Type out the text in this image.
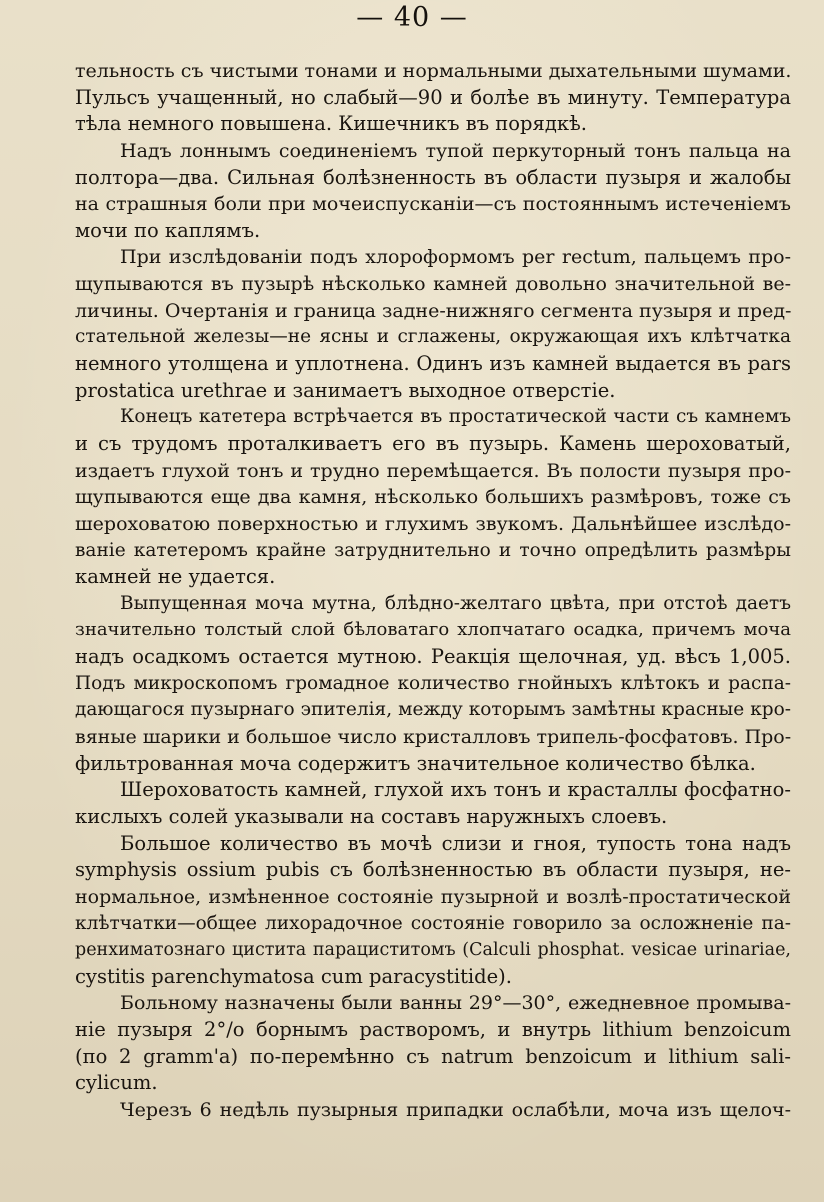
— 40 —
тельность съ чистыми тонами и нормальными дыхательными шумами.
Пульсъ учащенный, но слабый—90 и болѣе въ минуту. Температура
тѣла немного повышена. Кишечникъ въ порядкѣ.
Надъ лоннымъ соединеніемъ тупой перкуторный тонъ пальца на
полтора—два. Сильная болѣзненность въ области пузыря и жалобы
на страшныя боли при мочеиспусканіи—съ постояннымъ истеченіемъ
мочи по каплямъ.
При изслѣдованіи подъ хлороформомъ per rectum, пальцемъ про-
щупываются въ пузырѣ нѣсколько камней довольно значительной ве-
личины. Очертанія и граница задне-нижняго сегмента пузыря и пред-
стательной железы—не ясны и сглажены, окружающая ихъ клѣтчатка
немного утолщена и уплотнена. Одинъ изъ камней выдается въ pars
prostatica urethrae и занимаетъ выходное отверстіе.
Конецъ катетера встрѣчается въ простатической части съ камнемъ
и съ трудомъ проталкиваетъ его въ пузырь. Камень шероховатый,
издаетъ глухой тонъ и трудно перемѣщается. Въ полости пузыря про-
щупываются еще два камня, нѣсколько большихъ размѣровъ, тоже съ
шероховатою поверхностью и глухимъ звукомъ. Дальнѣйшее изслѣдо-
ваніе катетеромъ крайне затруднительно и точно опредѣлить размѣры
камней не удается.
Выпущенная моча мутна, блѣдно-желтаго цвѣта, при отстоѣ даетъ
значительно толстый слой бѣловатаго хлопчатаго осадка, причемъ моча
надъ осадкомъ остается мутною. Реакція щелочная, уд. вѣсъ 1,005.
Подъ микроскопомъ громадное количество гнойныхъ клѣтокъ и распа-
дающагося пузырнаго эпителія, между которымъ замѣтны красные кро-
вяные шарики и большое число кристалловъ трипель-фосфатовъ. Про-
фильтрованная моча содержитъ значительное количество бѣлка.
Шероховатость камней, глухой ихъ тонъ и красталлы фосфатно-
кислыхъ солей указывали на составъ наружныхъ слоевъ.
Большое количество въ мочѣ слизи и гноя, тупость тона надъ
symphysis ossium pubis съ болѣзненностью въ области пузыря, не-
нормальное, измѣненное состояніе пузырной и возлѣ-простатической
клѣтчатки—общее лихорадочное состояніе говорило за осложненіе па-
ренхиматознаго цистита парациститомъ (Calculi phosphat. vesicae urinariae,
cystitis parenchymatosa cum paracystitide).
Больному назначены были ванны 29°—30°, ежедневное промыва-
ніе пузыря 2°/o борнымъ растворомъ, и внутрь lithium benzoicum
(по 2 gramm'а) по-перемѣнно съ natrum benzoicum и lithium sali-
cylicum.
Черезъ 6 недѣль пузырныя припадки ослабѣли, моча изъ щелоч-
